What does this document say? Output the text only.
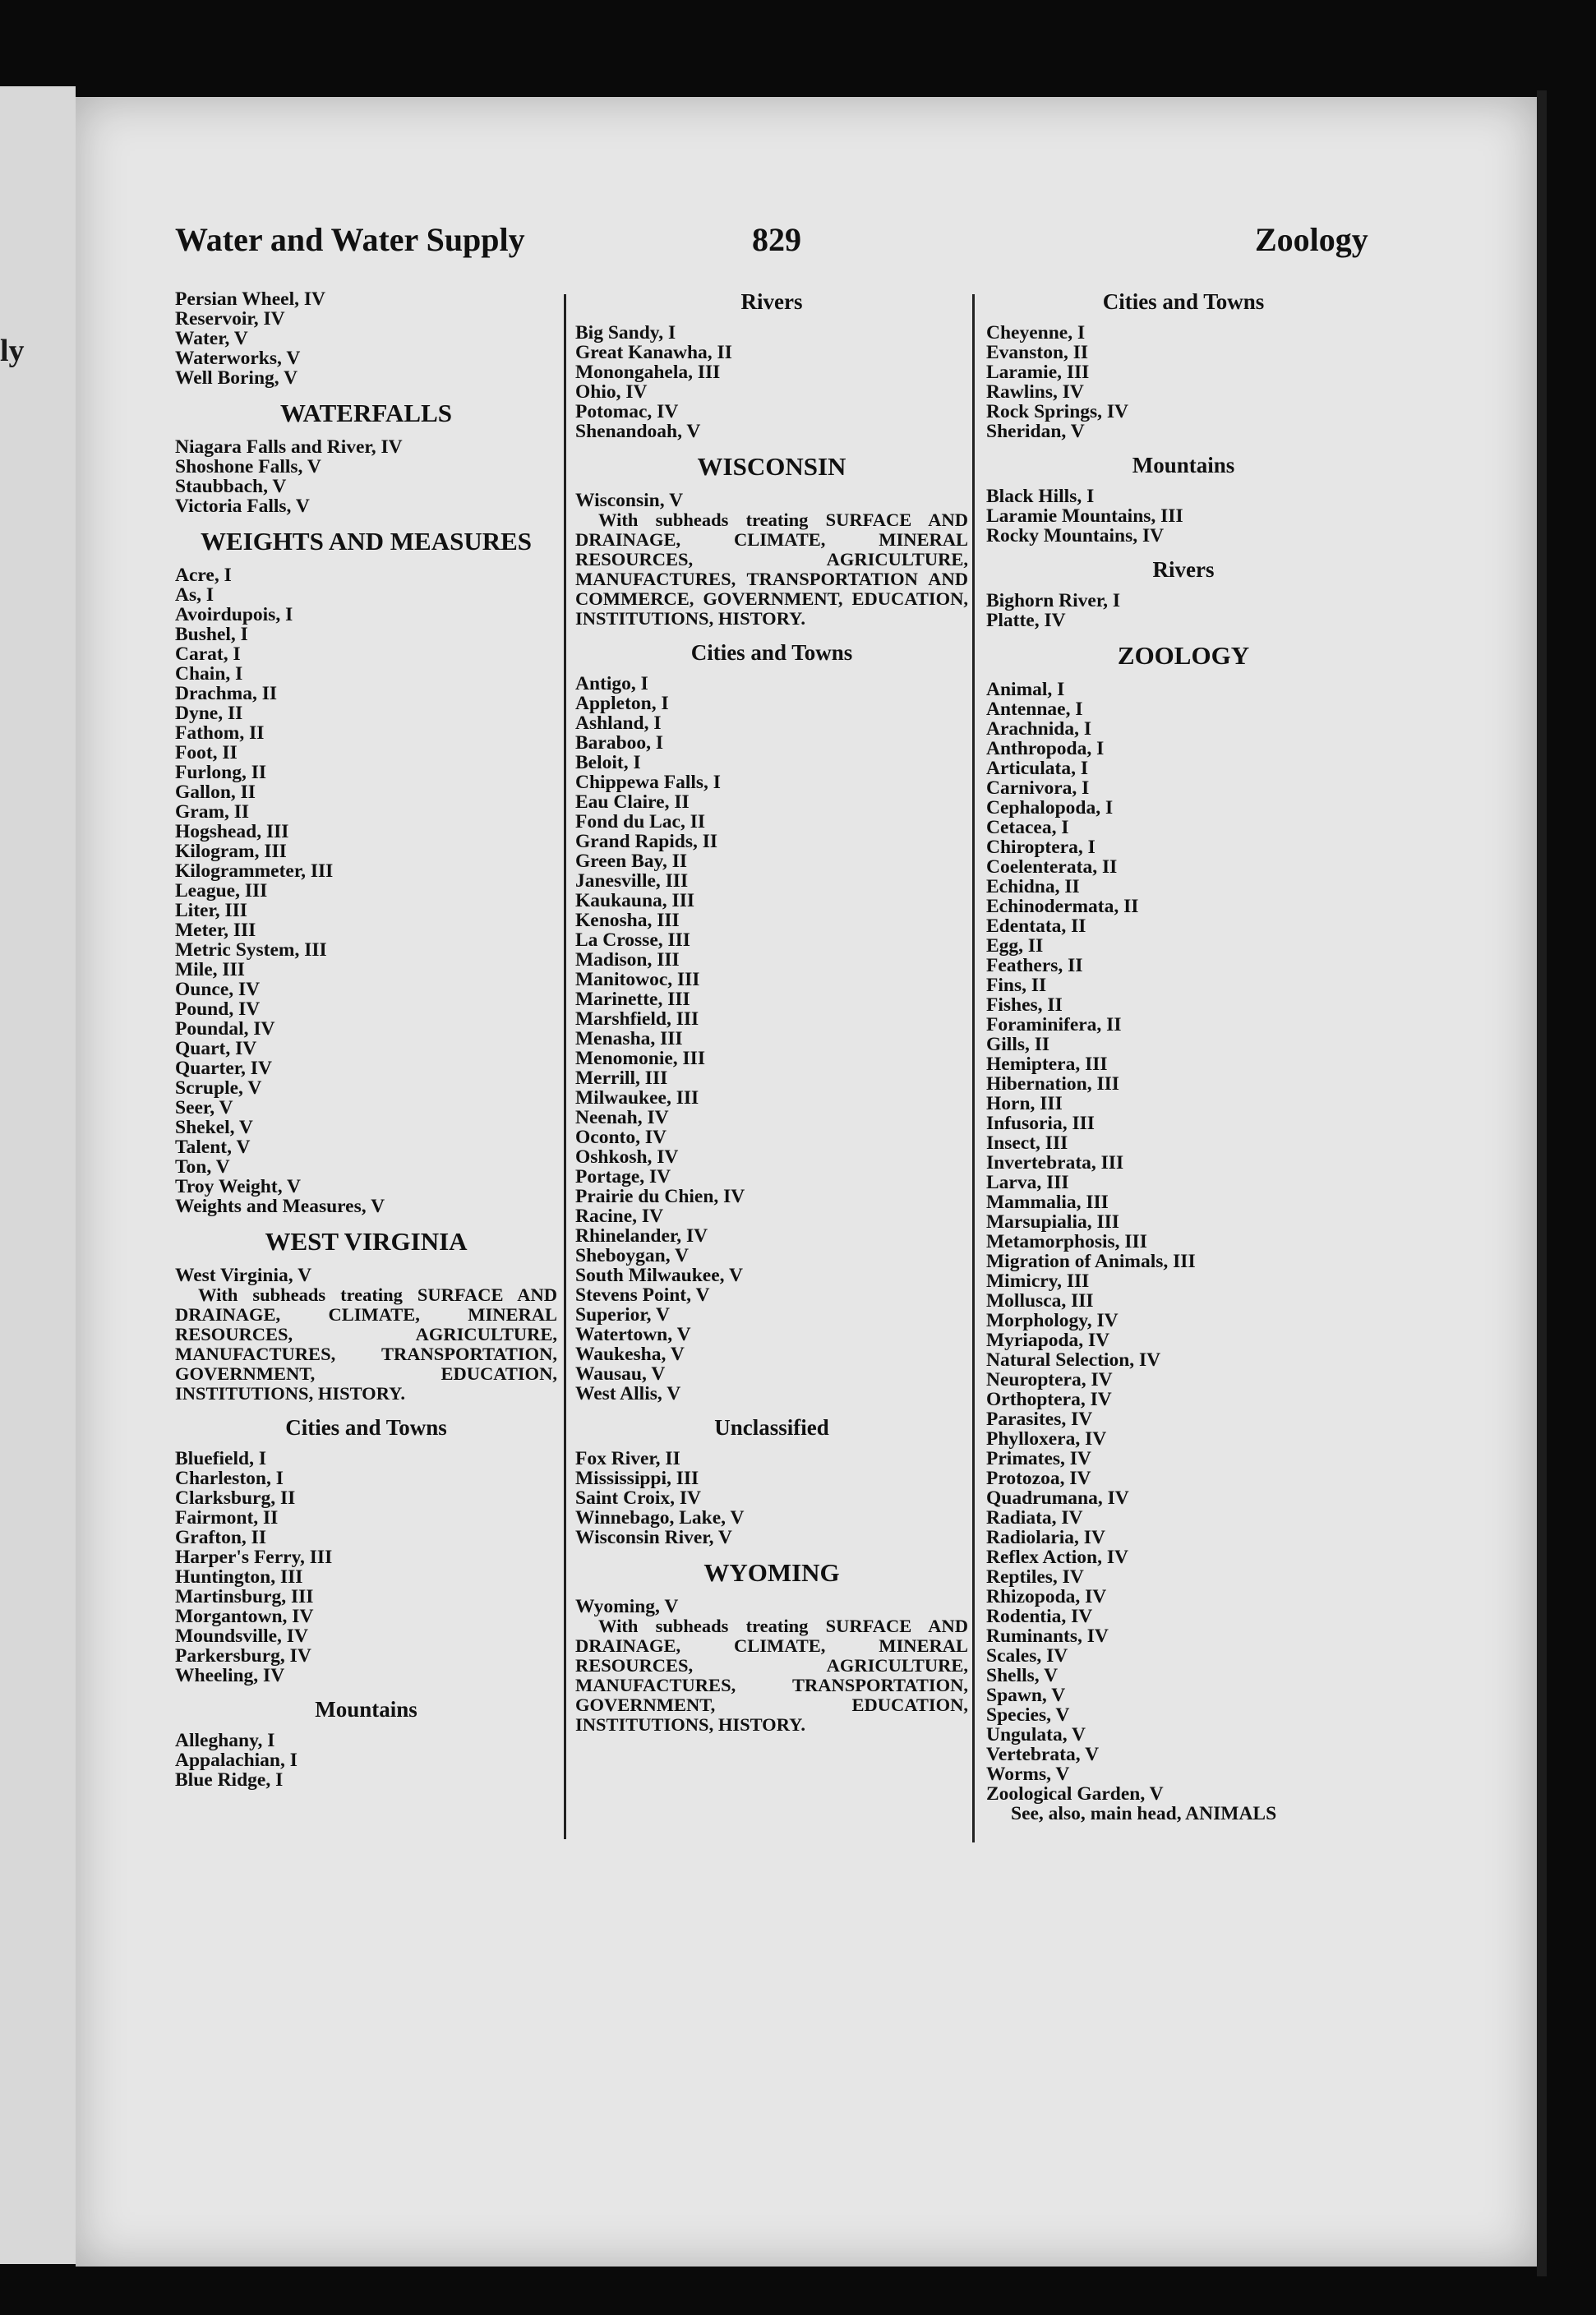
ly
Water and Water Supply	829	Zoology
Persian Wheel, IV
Reservoir, IV
Water, V
Waterworks, V
Well Boring, V
WATERFALLS
Niagara Falls and River, IV
Shoshone Falls, V
Staubbach, V
Victoria Falls, V
WEIGHTS AND MEASURES
Acre, I
As, I
Avoirdupois, I
Bushel, I
Carat, I
Chain, I
Drachma, II
Dyne, II
Fathom, II
Foot, II
Furlong, II
Gallon, II
Gram, II
Hogshead, III
Kilogram, III
Kilogrammeter, III
League, III
Liter, III
Meter, III
Metric System, III
Mile, III
Ounce, IV
Pound, IV
Poundal, IV
Quart, IV
Quarter, IV
Scruple, V
Seer, V
Shekel, V
Talent, V
Ton, V
Troy Weight, V
Weights and Measures, V
WEST VIRGINIA
West Virginia, V
With subheads treating SURFACE AND DRAINAGE, CLIMATE, MINERAL RESOURCES, AGRICULTURE, MANUFACTURES, TRANSPORTATION, GOVERNMENT, EDUCATION, INSTITUTIONS, HISTORY.
Cities and Towns
Bluefield, I
Charleston, I
Clarksburg, II
Fairmont, II
Grafton, II
Harper's Ferry, III
Huntington, III
Martinsburg, III
Morgantown, IV
Moundsville, IV
Parkersburg, IV
Wheeling, IV
Mountains
Alleghany, I
Appalachian, I
Blue Ridge, I
Rivers
Big Sandy, I
Great Kanawha, II
Monongahela, III
Ohio, IV
Potomac, IV
Shenandoah, V
WISCONSIN
Wisconsin, V
With subheads treating SURFACE AND DRAINAGE, CLIMATE, MINERAL RESOURCES, AGRICULTURE, MANUFACTURES, TRANSPORTATION AND COMMERCE, GOVERNMENT, EDUCATION, INSTITUTIONS, HISTORY.
Cities and Towns
Antigo, I
Appleton, I
Ashland, I
Baraboo, I
Beloit, I
Chippewa Falls, I
Eau Claire, II
Fond du Lac, II
Grand Rapids, II
Green Bay, II
Janesville, III
Kaukauna, III
Kenosha, III
La Crosse, III
Madison, III
Manitowoc, III
Marinette, III
Marshfield, III
Menasha, III
Menomonie, III
Merrill, III
Milwaukee, III
Neenah, IV
Oconto, IV
Oshkosh, IV
Portage, IV
Prairie du Chien, IV
Racine, IV
Rhinelander, IV
Sheboygan, V
South Milwaukee, V
Stevens Point, V
Superior, V
Watertown, V
Waukesha, V
Wausau, V
West Allis, V
Unclassified
Fox River, II
Mississippi, III
Saint Croix, IV
Winnebago, Lake, V
Wisconsin River, V
WYOMING
Wyoming, V
With subheads treating SURFACE AND DRAINAGE, CLIMATE, MINERAL RESOURCES, AGRICULTURE, MANUFACTURES, TRANSPORTATION, GOVERNMENT, EDUCATION, INSTITUTIONS, HISTORY.
Cities and Towns
Cheyenne, I
Evanston, II
Laramie, III
Rawlins, IV
Rock Springs, IV
Sheridan, V
Mountains
Black Hills, I
Laramie Mountains, III
Rocky Mountains, IV
Rivers
Bighorn River, I
Platte, IV
ZOOLOGY
Animal, I
Antennae, I
Arachnida, I
Anthropoda, I
Articulata, I
Carnivora, I
Cephalopoda, I
Cetacea, I
Chiroptera, I
Coelenterata, II
Echidna, II
Echinodermata, II
Edentata, II
Egg, II
Feathers, II
Fins, II
Fishes, II
Foraminifera, II
Gills, II
Hemiptera, III
Hibernation, III
Horn, III
Infusoria, III
Insect, III
Invertebrata, III
Larva, III
Mammalia, III
Marsupialia, III
Metamorphosis, III
Migration of Animals, III
Mimicry, III
Mollusca, III
Morphology, IV
Myriapoda, IV
Natural Selection, IV
Neuroptera, IV
Orthoptera, IV
Parasites, IV
Phylloxera, IV
Primates, IV
Protozoa, IV
Quadrumana, IV
Radiata, IV
Radiolaria, IV
Reflex Action, IV
Reptiles, IV
Rhizopoda, IV
Rodentia, IV
Ruminants, IV
Scales, IV
Shells, V
Spawn, V
Species, V
Ungulata, V
Vertebrata, V
Worms, V
Zoological Garden, V
See, also, main head, ANIMALS
